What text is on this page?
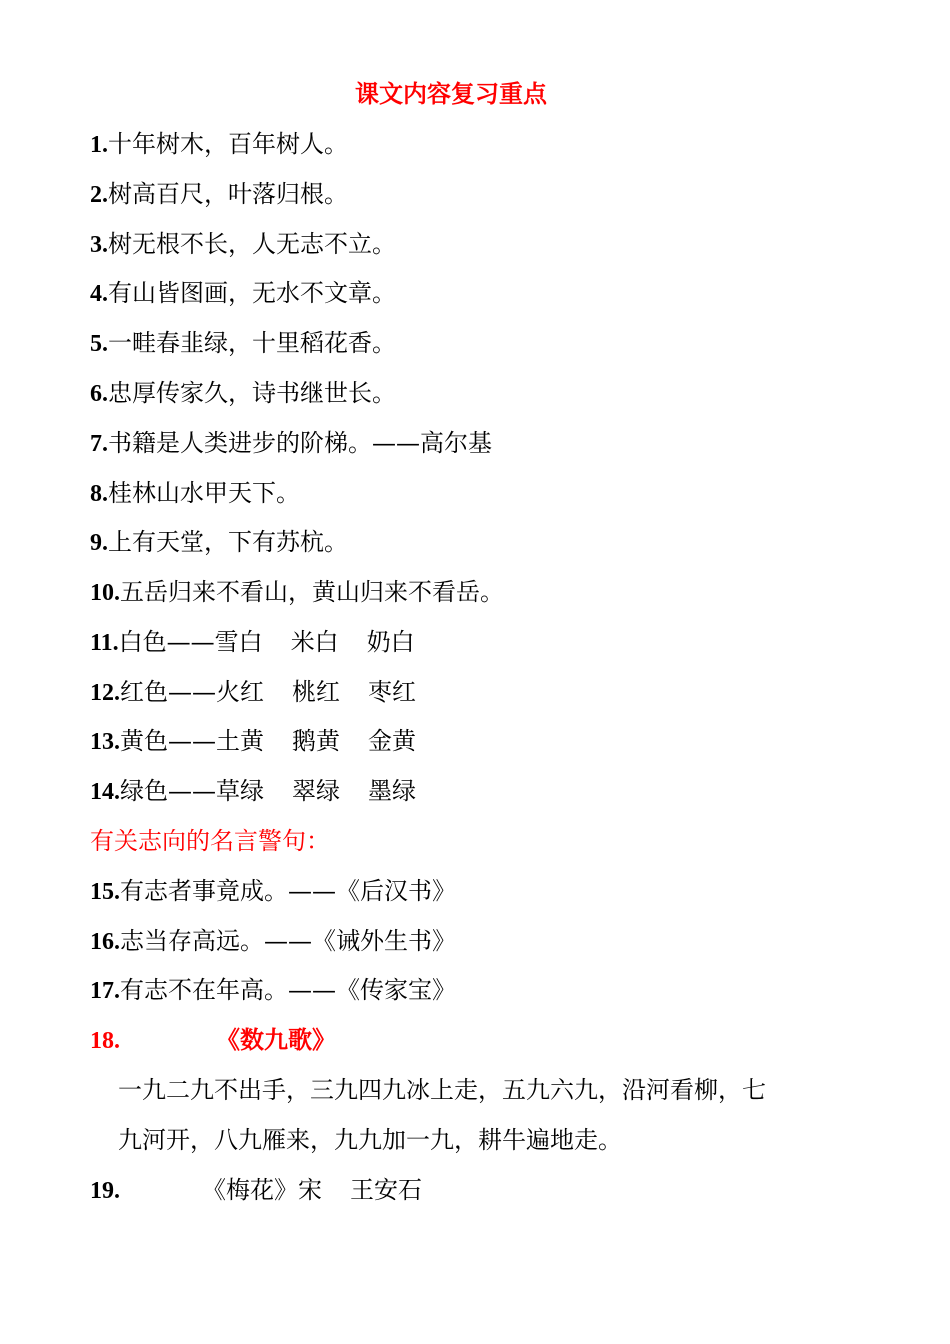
课文内容复习重点
1.十年树木，百年树人。
2.树高百尺，叶落归根。
3.树无根不长，人无志不立。
4.有山皆图画，无水不文章。
5.一畦春韭绿，十里稻花香。
6.忠厚传家久，诗书继世长。
7.书籍是人类进步的阶梯。——高尔基
8.桂林山水甲天下。
9.上有天堂，下有苏杭。
10.五岳归来不看山，黄山归来不看岳。
11.白色——雪白 米白 奶白
12.红色——火红 桃红 枣红
13.黄色——土黄 鹅黄 金黄
14.绿色——草绿 翠绿 墨绿
有关志向的名言警句：
15.有志者事竟成。——《后汉书》
16.志当存高远。——《诫外生书》
17.有志不在年高。——《传家宝》
18.	《数九歌》
一九二九不出手，三九四九冰上走，五九六九，沿河看柳，七
九河开，八九雁来，九九加一九，耕牛遍地走。
19.	《梅花》宋 王安石
